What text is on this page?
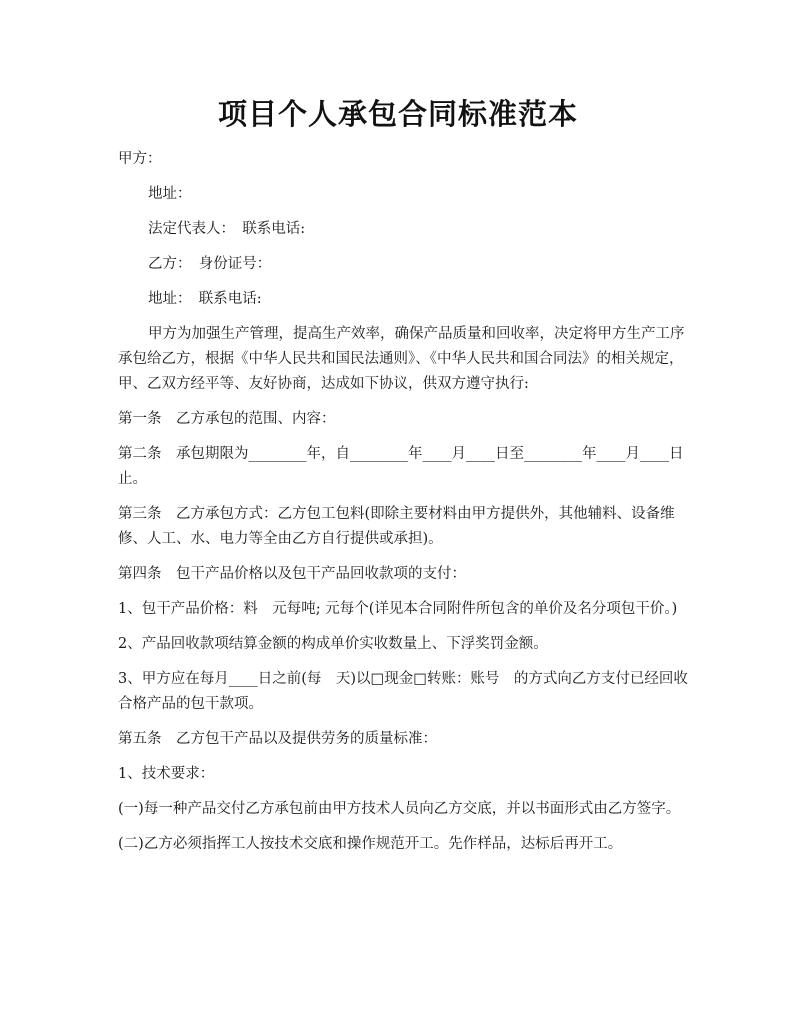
项目个人承包合同标准范本

甲方：

地址：

法定代表人：　联系电话:

乙方：　身份证号：

地址：　联系电话:

甲方为加强生产管理，提高生产效率，确保产品质量和回收率，决定将甲方生产工序承包给乙方，根据《中华人民共和国民法通则》、《中华人民共和国合同法》的相关规定，甲、乙双方经平等、友好协商，达成如下协议，供双方遵守执行:

第一条　乙方承包的范围、内容：

第二条　承包期限为________年，自________年____月____日至________年____月____日止。

第三条　乙方承包方式：乙方包工包料(即除主要材料由甲方提供外，其他辅料、设备维修、人工、水、电力等全由乙方自行提供或承担)。

第四条　包干产品价格以及包干产品回收款项的支付：

1、包干产品价格：料　元每吨; 元每个(详见本合同附件所包含的单价及名分项包干价。)

2、产品回收款项结算金额的构成单价实收数量上、下浮奖罚金额。

3、甲方应在每月____日之前(每　天)以□现金□转账：账号　的方式向乙方支付已经回收合格产品的包干款项。

第五条　乙方包干产品以及提供劳务的质量标准：

1、技术要求：

(一)每一种产品交付乙方承包前由甲方技术人员向乙方交底，并以书面形式由乙方签字。

(二)乙方必须指挥工人按技术交底和操作规范开工。先作样品，达标后再开工。
